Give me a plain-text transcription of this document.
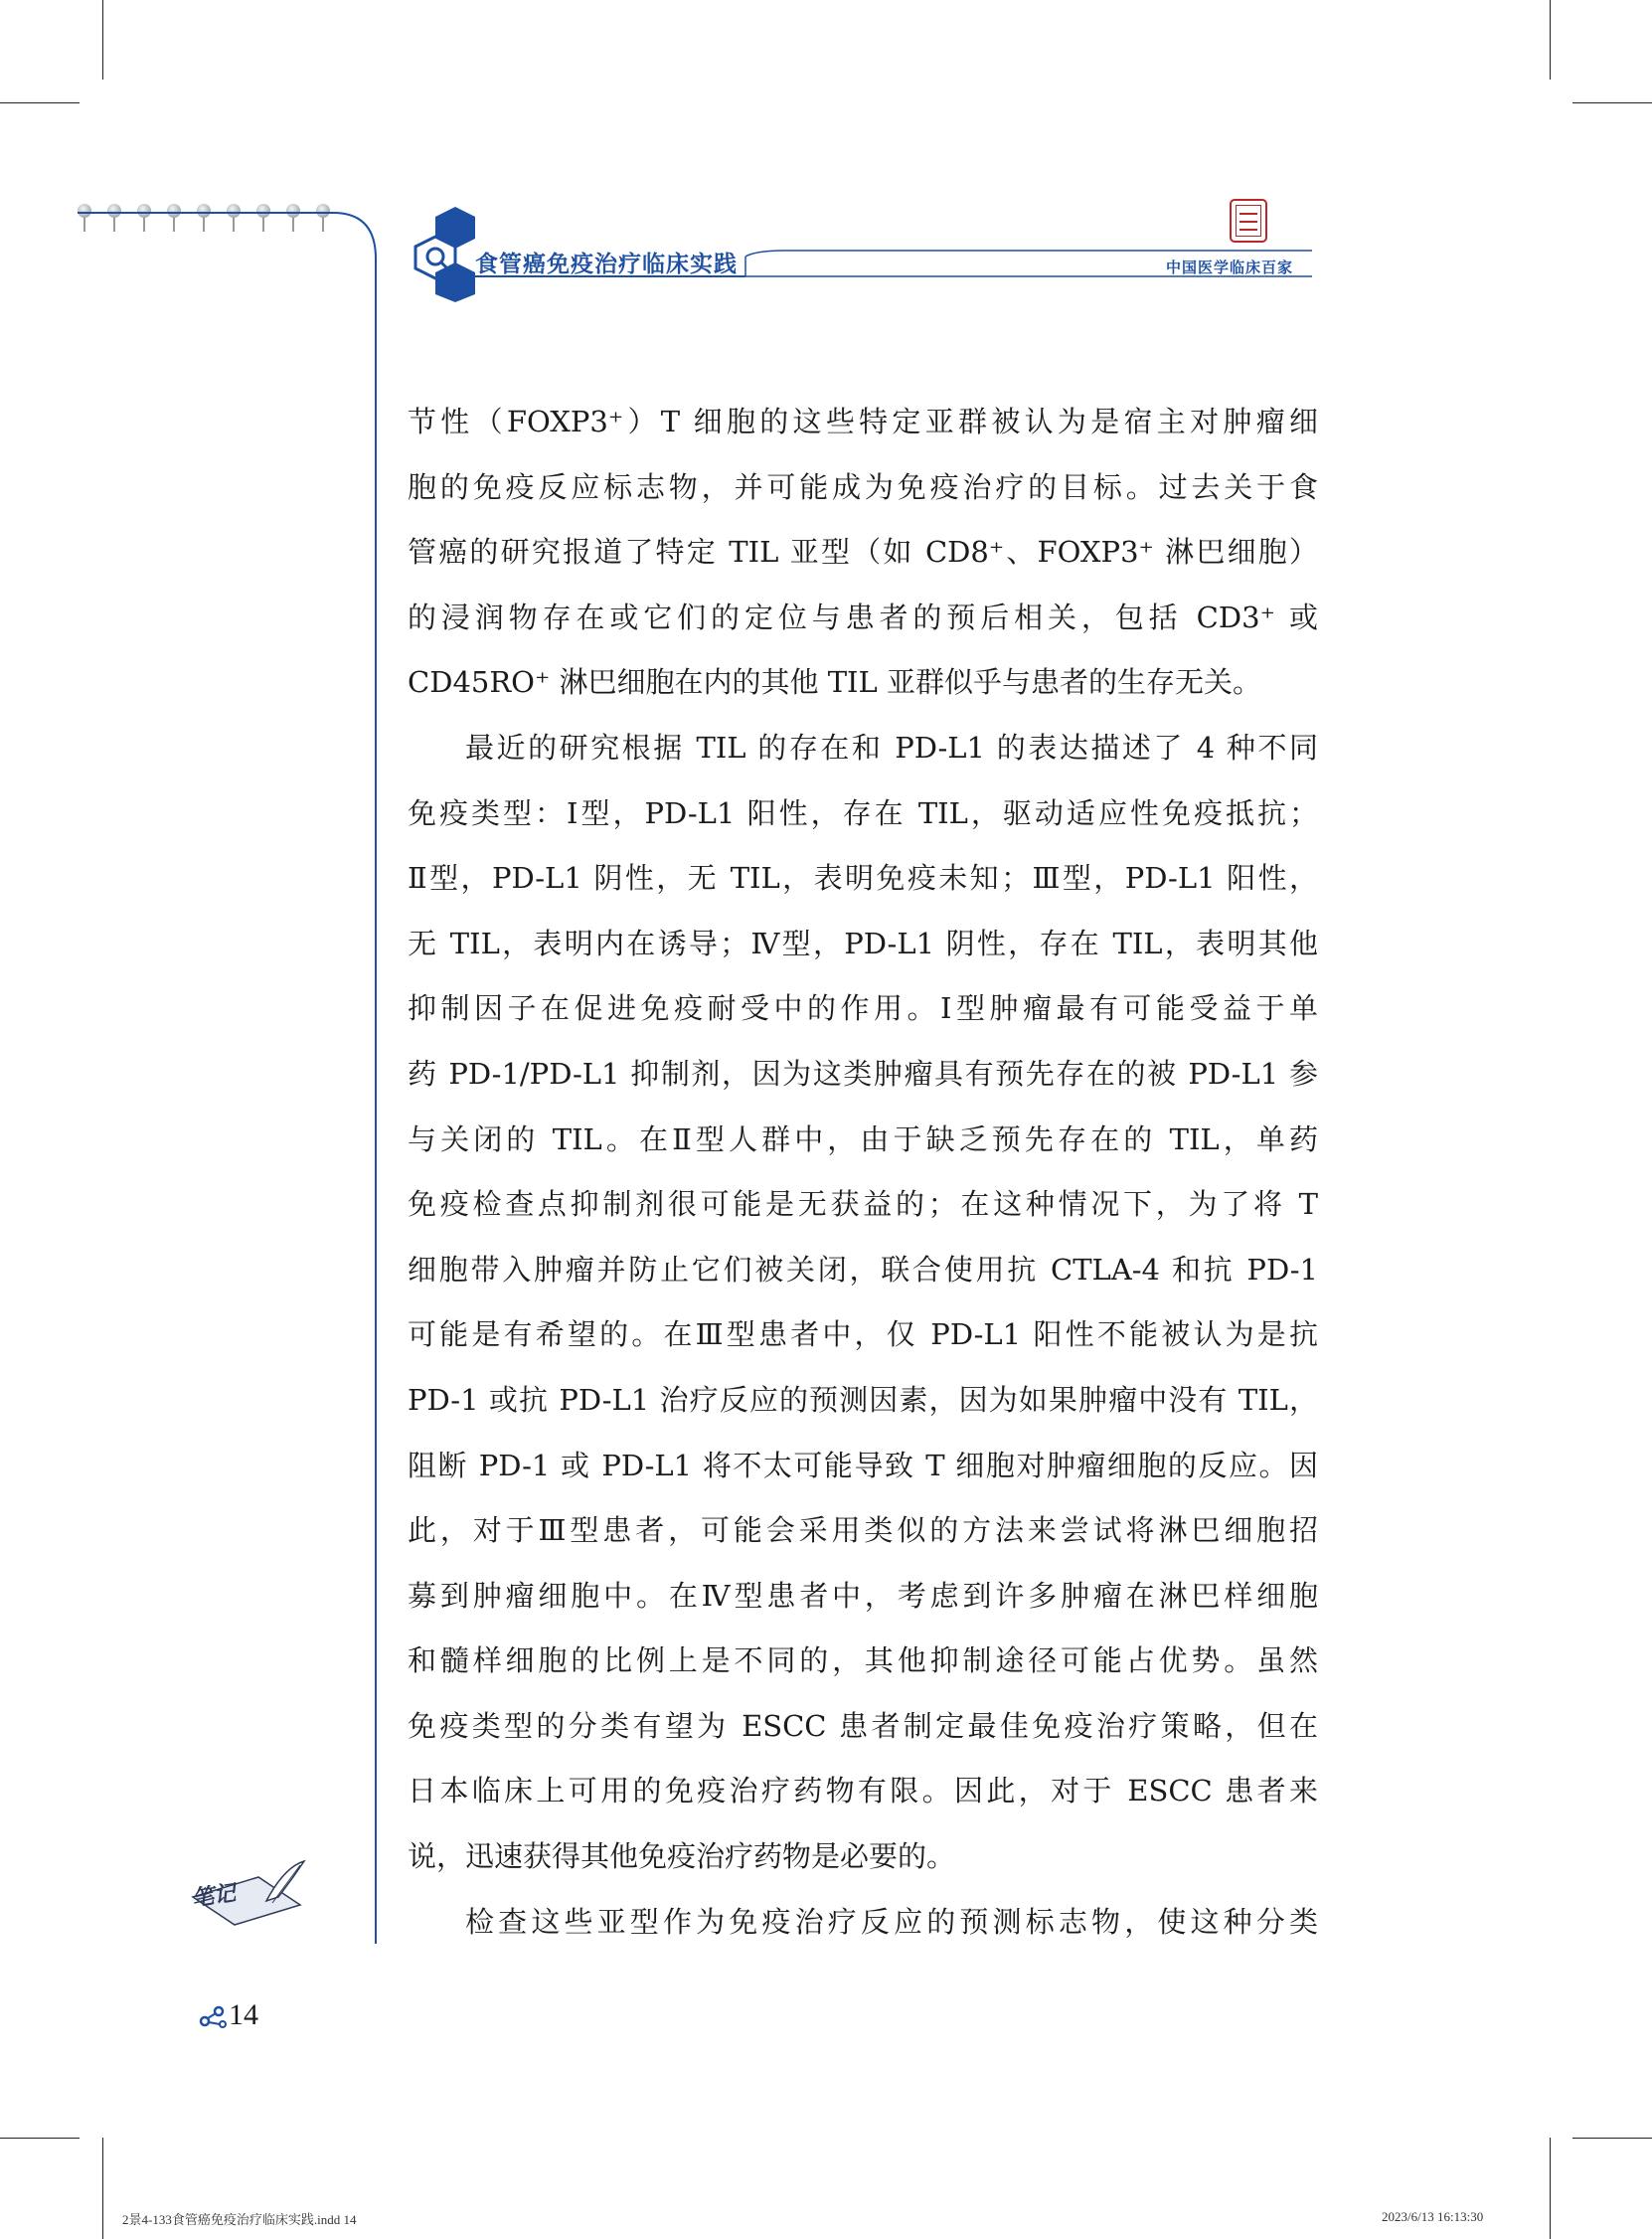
食管癌免疫治疗临床实践	中国医学临床百家
节性（FOXP3⁺）T 细胞的这些特定亚群被认为是宿主对肿瘤细
胞的免疫反应标志物，并可能成为免疫治疗的目标。过去关于食
管癌的研究报道了特定 TIL 亚型（如 CD8⁺、FOXP3⁺ 淋巴细胞）
的浸润物存在或它们的定位与患者的预后相关，包括 CD3⁺ 或
CD45RO⁺ 淋巴细胞在内的其他 TIL 亚群似乎与患者的生存无关。
最近的研究根据 TIL 的存在和 PD-L1 的表达描述了 4 种不同
免疫类型：Ⅰ型，PD-L1 阳性，存在 TIL，驱动适应性免疫抵抗；
Ⅱ型，PD-L1 阴性，无 TIL，表明免疫未知；Ⅲ型，PD-L1 阳性，
无 TIL，表明内在诱导；Ⅳ型，PD-L1 阴性，存在 TIL，表明其他
抑制因子在促进免疫耐受中的作用。Ⅰ型肿瘤最有可能受益于单
药 PD-1/PD-L1 抑制剂，因为这类肿瘤具有预先存在的被 PD-L1 参
与关闭的 TIL。在Ⅱ型人群中，由于缺乏预先存在的 TIL，单药
免疫检查点抑制剂很可能是无获益的；在这种情况下，为了将 T
细胞带入肿瘤并防止它们被关闭，联合使用抗 CTLA-4 和抗 PD-1
可能是有希望的。在Ⅲ型患者中，仅 PD-L1 阳性不能被认为是抗
PD-1 或抗 PD-L1 治疗反应的预测因素，因为如果肿瘤中没有 TIL，
阻断 PD-1 或 PD-L1 将不太可能导致 T 细胞对肿瘤细胞的反应。因
此，对于Ⅲ型患者，可能会采用类似的方法来尝试将淋巴细胞招
募到肿瘤细胞中。在Ⅳ型患者中，考虑到许多肿瘤在淋巴样细胞
和髓样细胞的比例上是不同的，其他抑制途径可能占优势。虽然
免疫类型的分类有望为 ESCC 患者制定最佳免疫治疗策略，但在
日本临床上可用的免疫治疗药物有限。因此，对于 ESCC 患者来
说，迅速获得其他免疫治疗药物是必要的。
检查这些亚型作为免疫治疗反应的预测标志物，使这种分类
笔记
14
2景4-133食管癌免疫治疗临床实践.indd 14	2023/6/13 16:13:30
